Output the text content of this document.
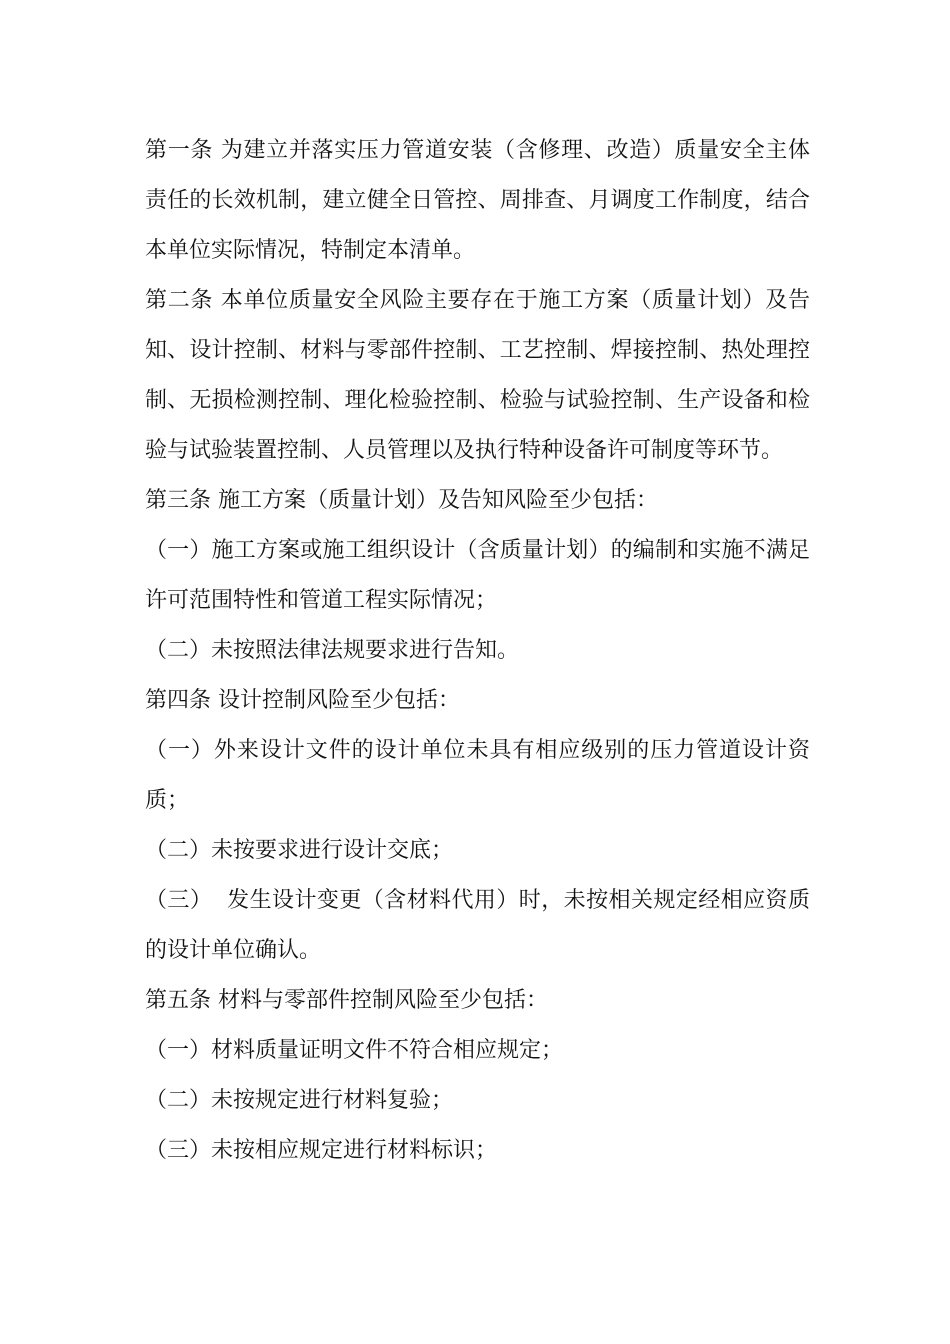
第一条 为建立并落实压力管道安装（含修理、改造）质量安全主体责任的长效机制，建立健全日管控、周排查、月调度工作制度，结合本单位实际情况，特制定本清单。

第二条 本单位质量安全风险主要存在于施工方案（质量计划）及告知、设计控制、材料与零部件控制、工艺控制、焊接控制、热处理控制、无损检测控制、理化检验控制、检验与试验控制、生产设备和检验与试验装置控制、人员管理以及执行特种设备许可制度等环节。

第三条 施工方案（质量计划）及告知风险至少包括：

（一）施工方案或施工组织设计（含质量计划）的编制和实施不满足许可范围特性和管道工程实际情况；

（二）未按照法律法规要求进行告知。

第四条 设计控制风险至少包括：

（一）外来设计文件的设计单位未具有相应级别的压力管道设计资质；

（二）未按要求进行设计交底；

（三）  发生设计变更（含材料代用）时，未按相关规定经相应资质的设计单位确认。

第五条 材料与零部件控制风险至少包括：

（一）材料质量证明文件不符合相应规定；

（二）未按规定进行材料复验；

（三）未按相应规定进行材料标识；
